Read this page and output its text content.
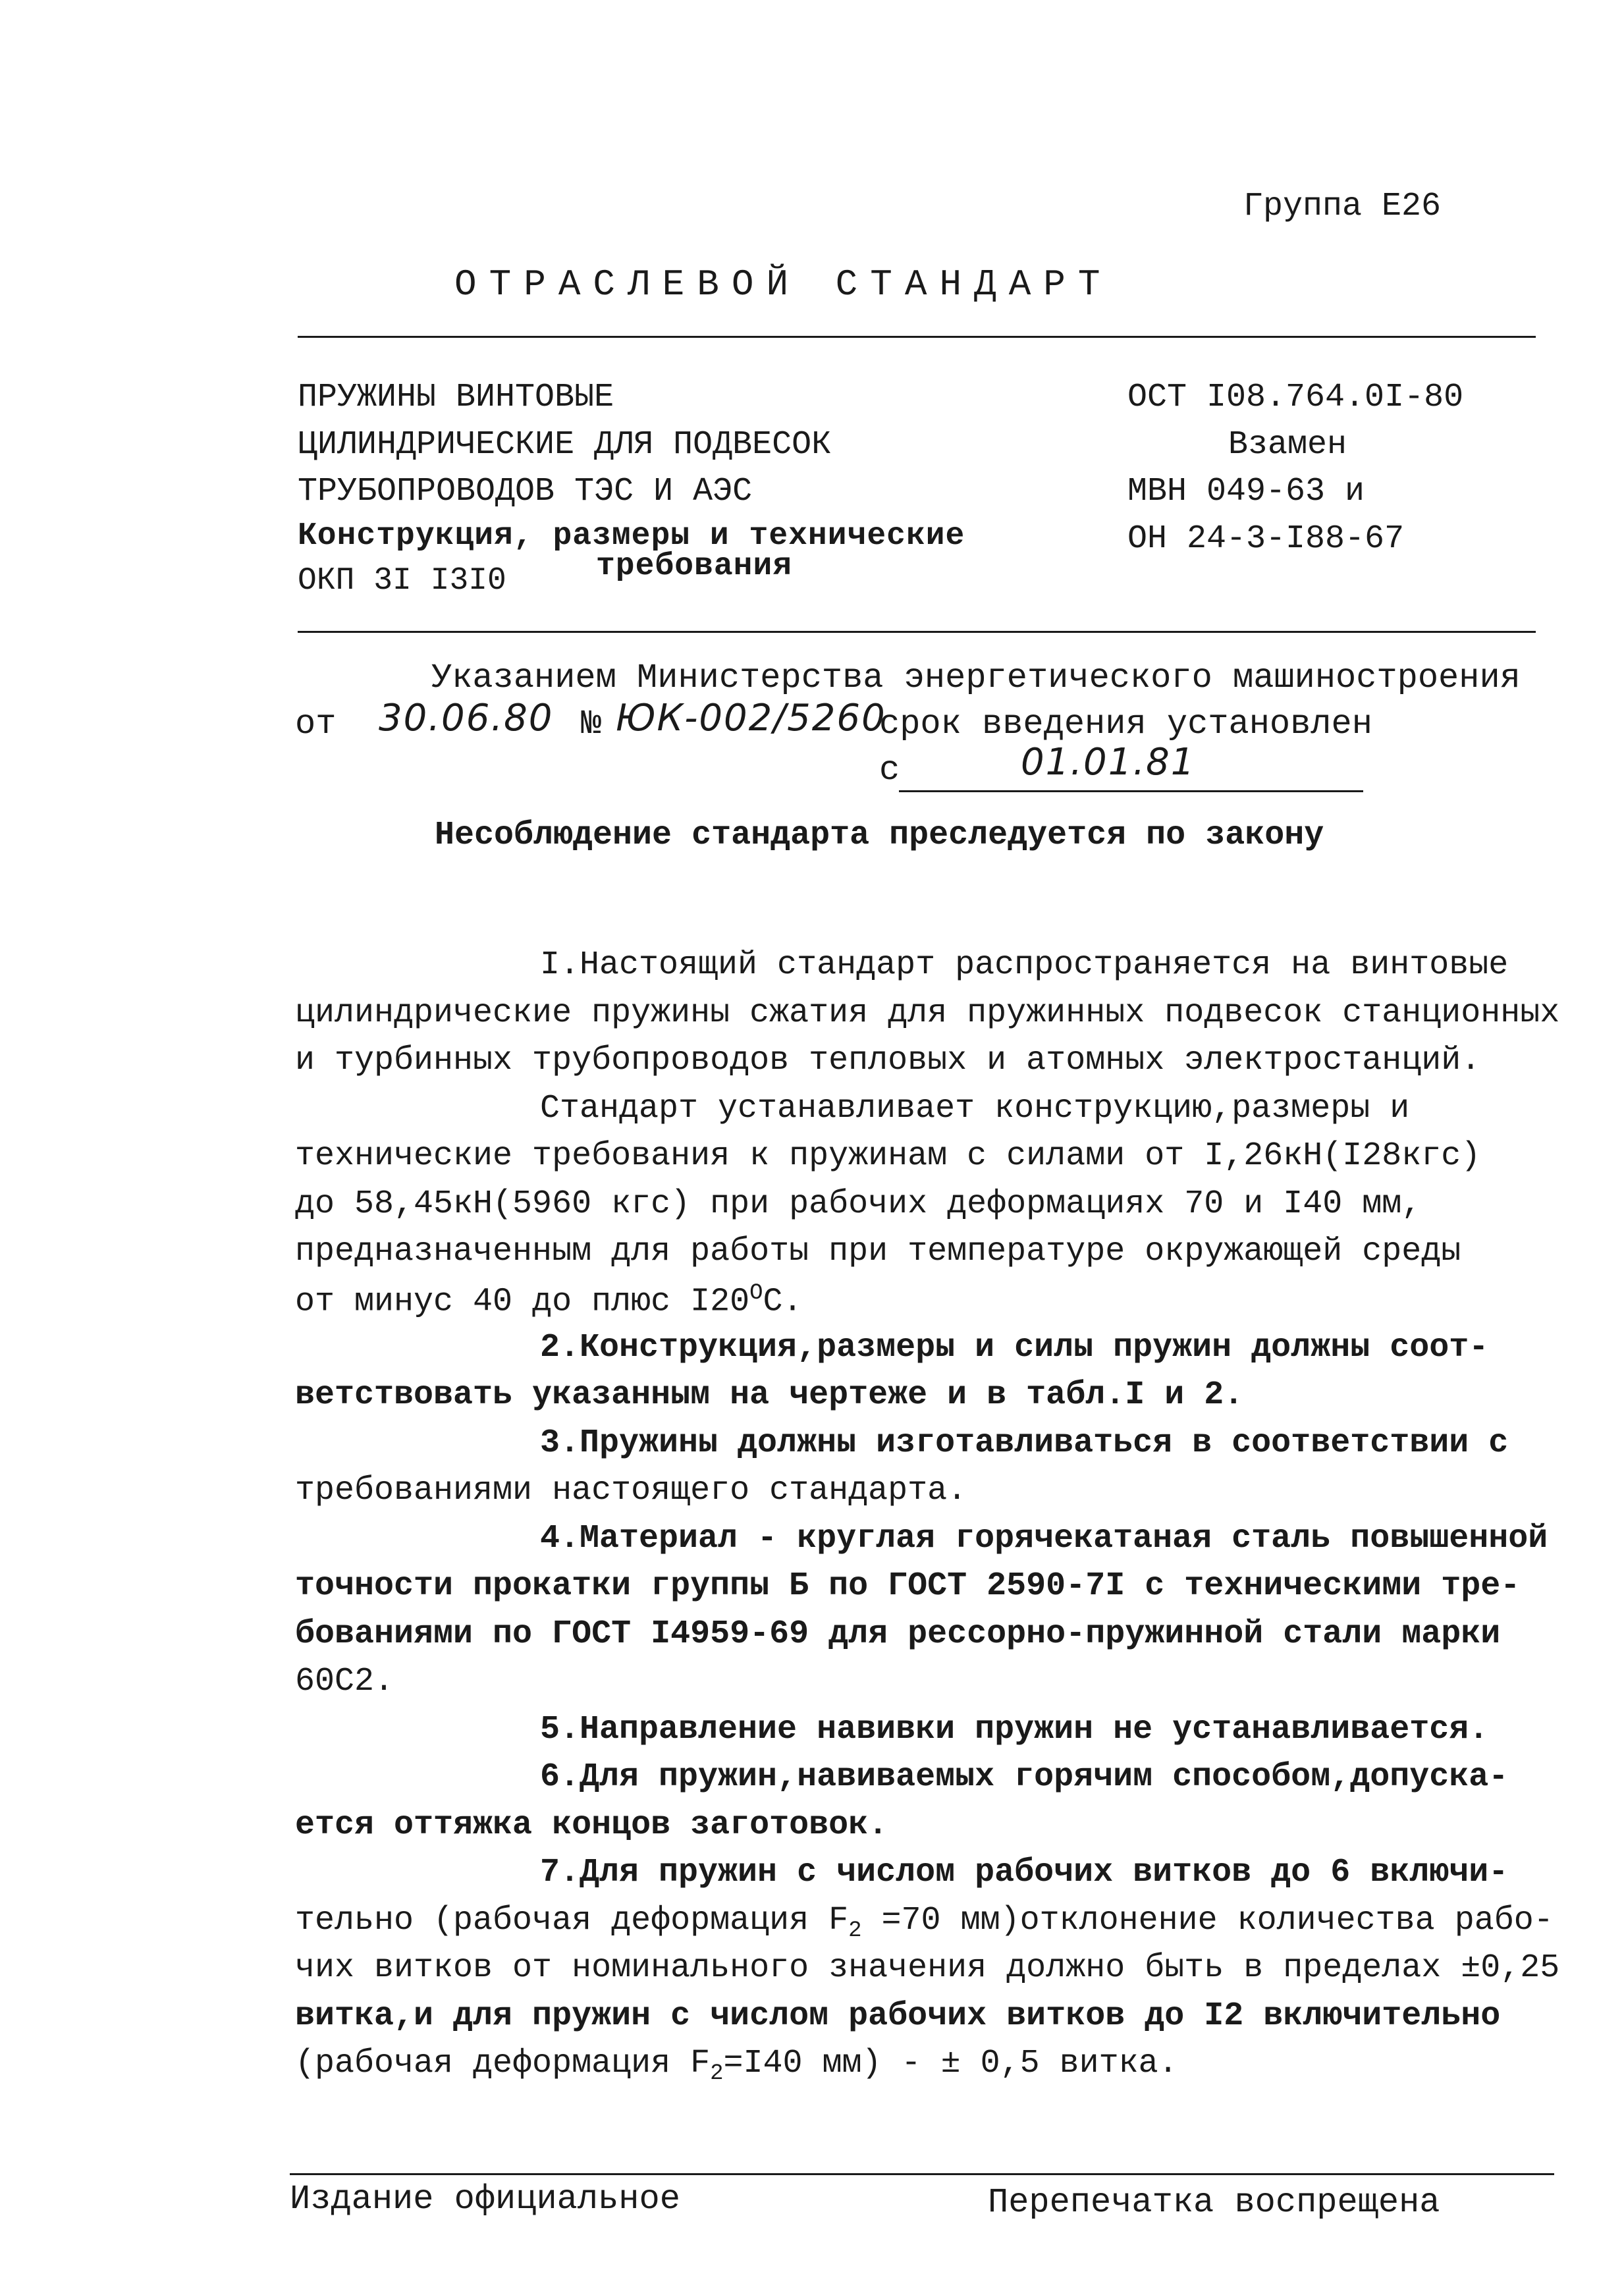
Группа Е26
ОТРАСЛЕВОЙ СТАНДАРТ
ПРУЖИНЫ ВИНТОВЫЕ
ЦИЛИНДРИЧЕСКИЕ ДЛЯ ПОДВЕСОК
ТРУБОПРОВОДОВ ТЭС И АЭС
Конструкция, размеры и технические
требования
ОКП 3I I3I0
ОСТ I08.764.0I-80
Взамен
МВН 049-63 и
ОН 24-3-I88-67
Указанием Министерства энергетического машиностроения
от 30.06.80 № ЮК-002/5260
срок введения установлен
с	01.01.81
Несоблюдение стандарта преследуется по закону
I.Настоящий стандарт распространяется на винтовые
цилиндрические пружины сжатия для пружинных подвесок станционных
и турбинных трубопроводов тепловых и атомных электростанций.
Стандарт устанавливает конструкцию,размеры и
технические требования к пружинам с силами от I,26кН(I28кгс)
до 58,45кН(5960 кгс) при рабочих деформациях 70 и I40 мм,
предназначенным для работы при температуре окружающей среды
от минус 40 до плюс $I20^ОС$.
2.Конструкция,размеры и силы пружин должны соот-
ветствовать указанным на чертеже и в табл.I и 2.
3.Пружины должны изготавливаться в соответствии с
требованиями настоящего стандарта.
4.Материал - круглая горячекатаная сталь повышенной
точности прокатки группы Б по ГОСТ 2590-7I с техническими тре-
бованиями по ГОСТ I4959-69 для рессорно-пружинной стали марки
60С2.
5.Направление навивки пружин не устанавливается.
6.Для пружин,навиваемых горячим способом,допуска-
ется оттяжка концов заготовок.
7.Для пружин с числом рабочих витков до 6 включи-
тельно (рабочая деформация $F_2 =70$ мм)отклонение количества рабо-
чих витков от номинального значения должно быть в пределах ±0,25
витка,и для пружин с числом рабочих витков до I2 включительно
(рабочая деформация $F_2=I40$ мм) - ± 0,5 витка.
Издание официальное	Перепечатка воспрещена
